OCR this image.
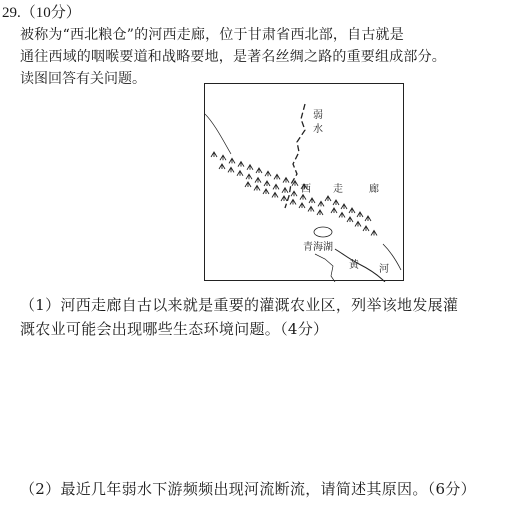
29.（10分）
被称为“西北粮仓”的河西走廊，位于甘肃省西北部，自古就是
通往西域的咽喉要道和战略要地，是著名丝绸之路的重要组成部分。
读图回答有关问题。
弱
水
西 走	廊
青海湖
黄 河
（1）河西走廊自古以来就是重要的灌溉农业区，列举该地发展灌
溉农业可能会出现哪些生态环境问题。（4分）
（2）最近几年弱水下游频频出现河流断流，请简述其原因。（6分）
